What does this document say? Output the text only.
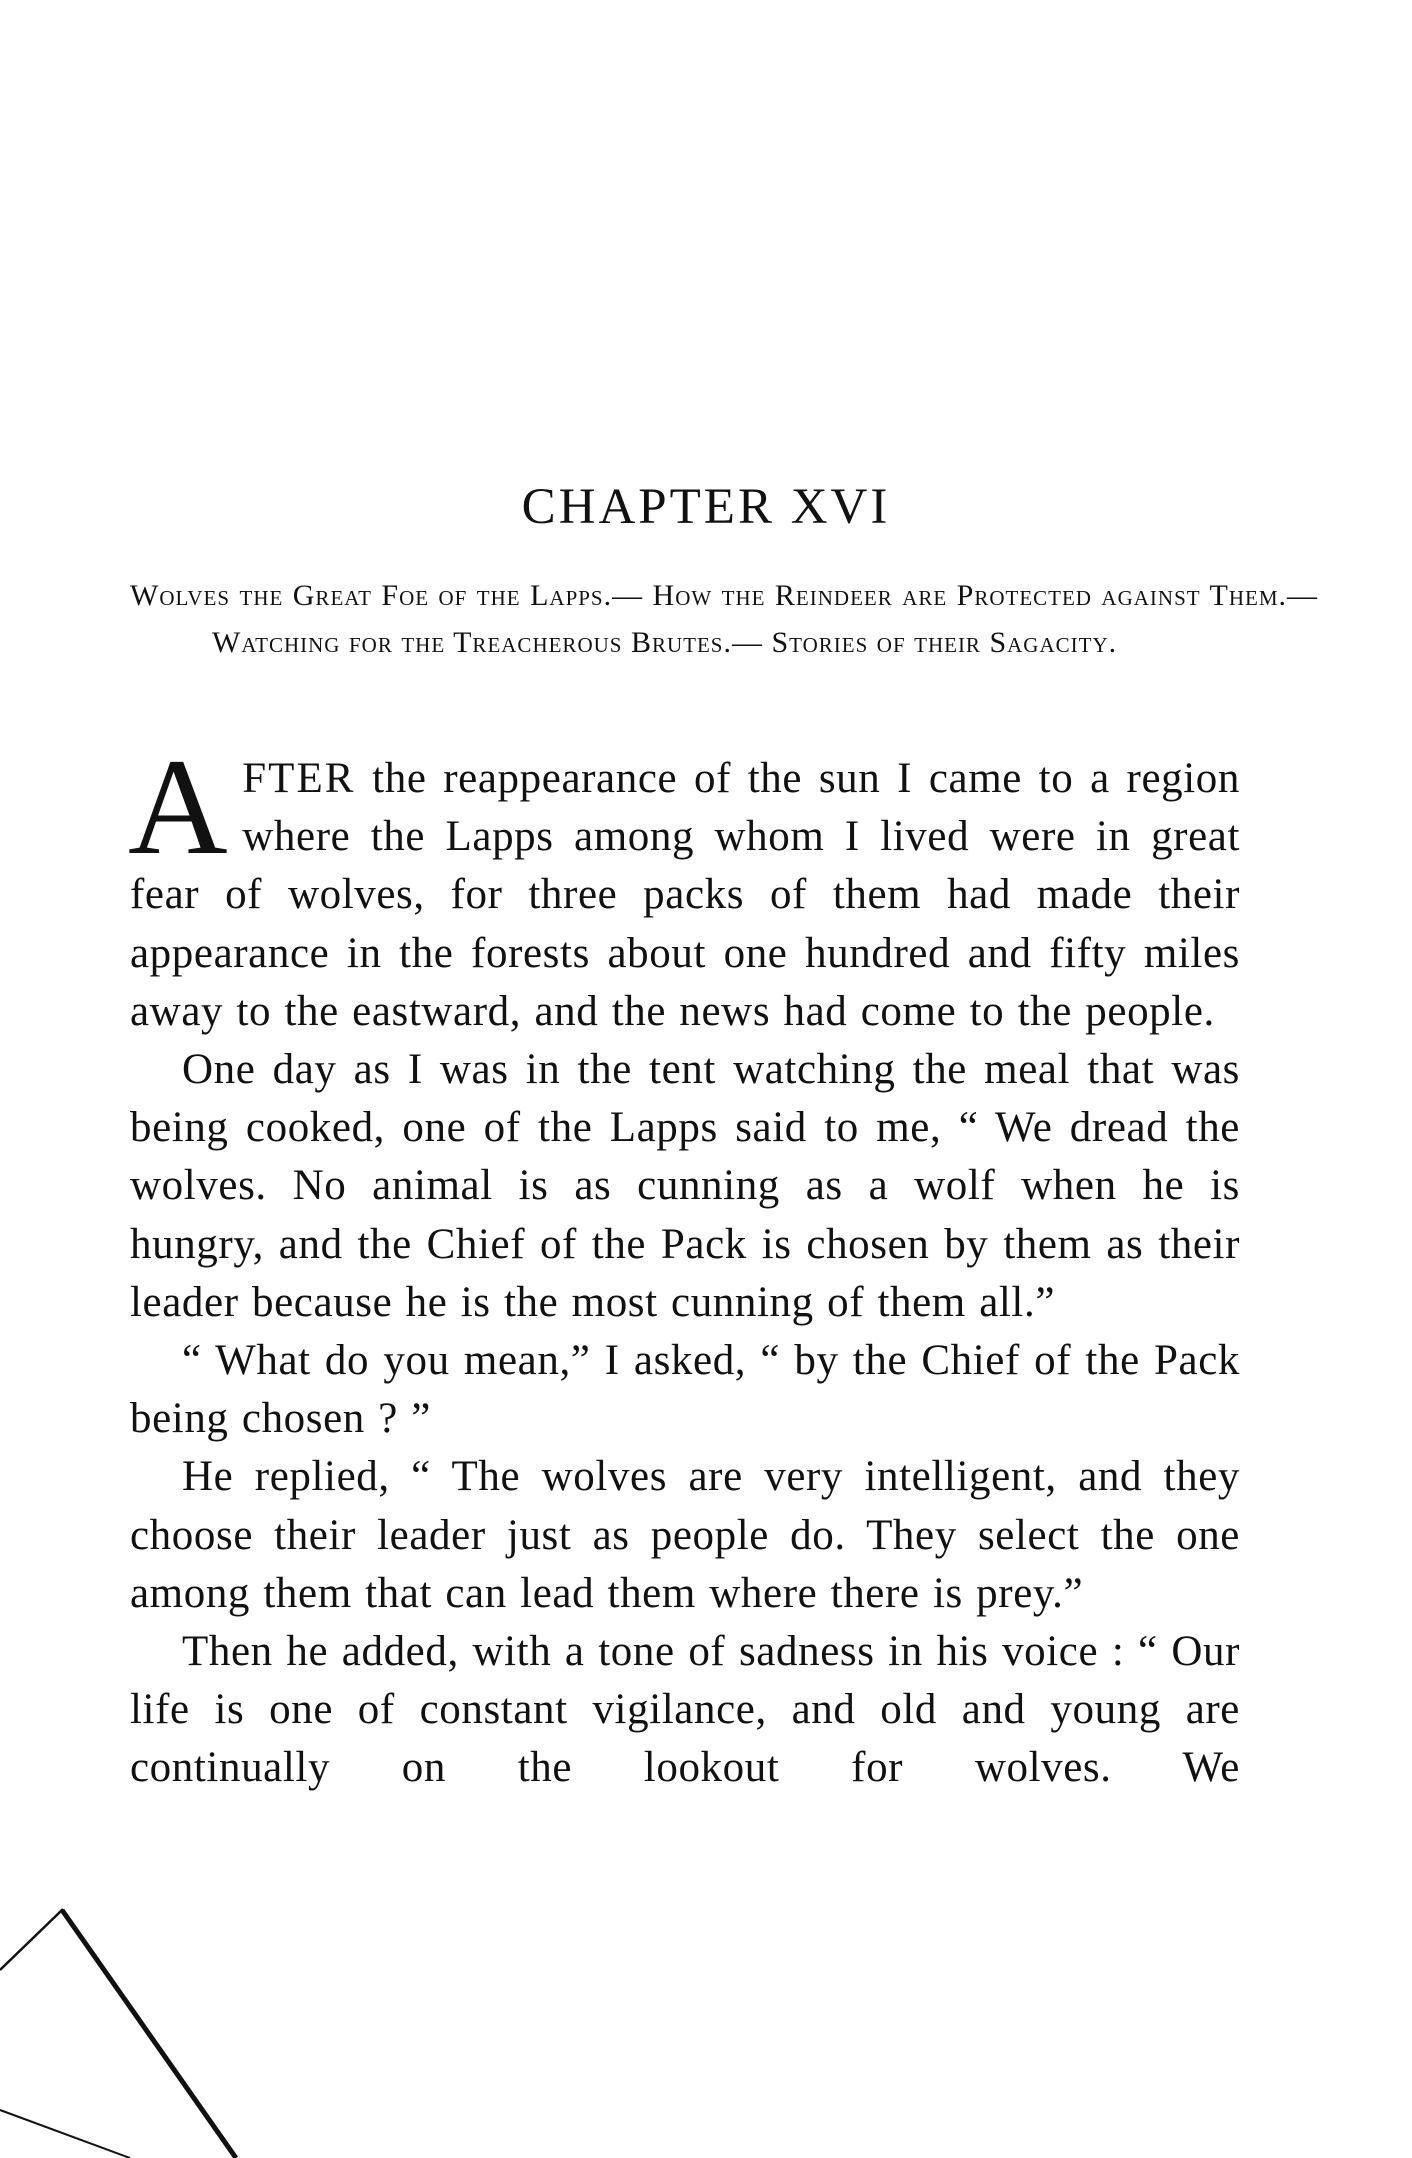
CHAPTER XVI

Wolves the Great Foe of the Lapps.— How the Reindeer are Protected against Them.— Watching for the Treacherous Brutes.— Stories of their Sagacity.

AFTER the reappearance of the sun I came to a region where the Lapps among whom I lived were in great fear of wolves, for three packs of them had made their appearance in the forests about one hundred and fifty miles away to the eastward, and the news had come to the people.

One day as I was in the tent watching the meal that was being cooked, one of the Lapps said to me, “ We dread the wolves. No animal is as cunning as a wolf when he is hungry, and the Chief of the Pack is chosen by them as their leader because he is the most cunning of them all.”

“ What do you mean,” I asked, “ by the Chief of the Pack being chosen ? ”

He replied, “ The wolves are very intelligent, and they choose their leader just as people do. They select the one among them that can lead them where there is prey.”

Then he added, with a tone of sadness in his voice : “ Our life is one of constant vigilance, and old and young are continually on the lookout for wolves. We
